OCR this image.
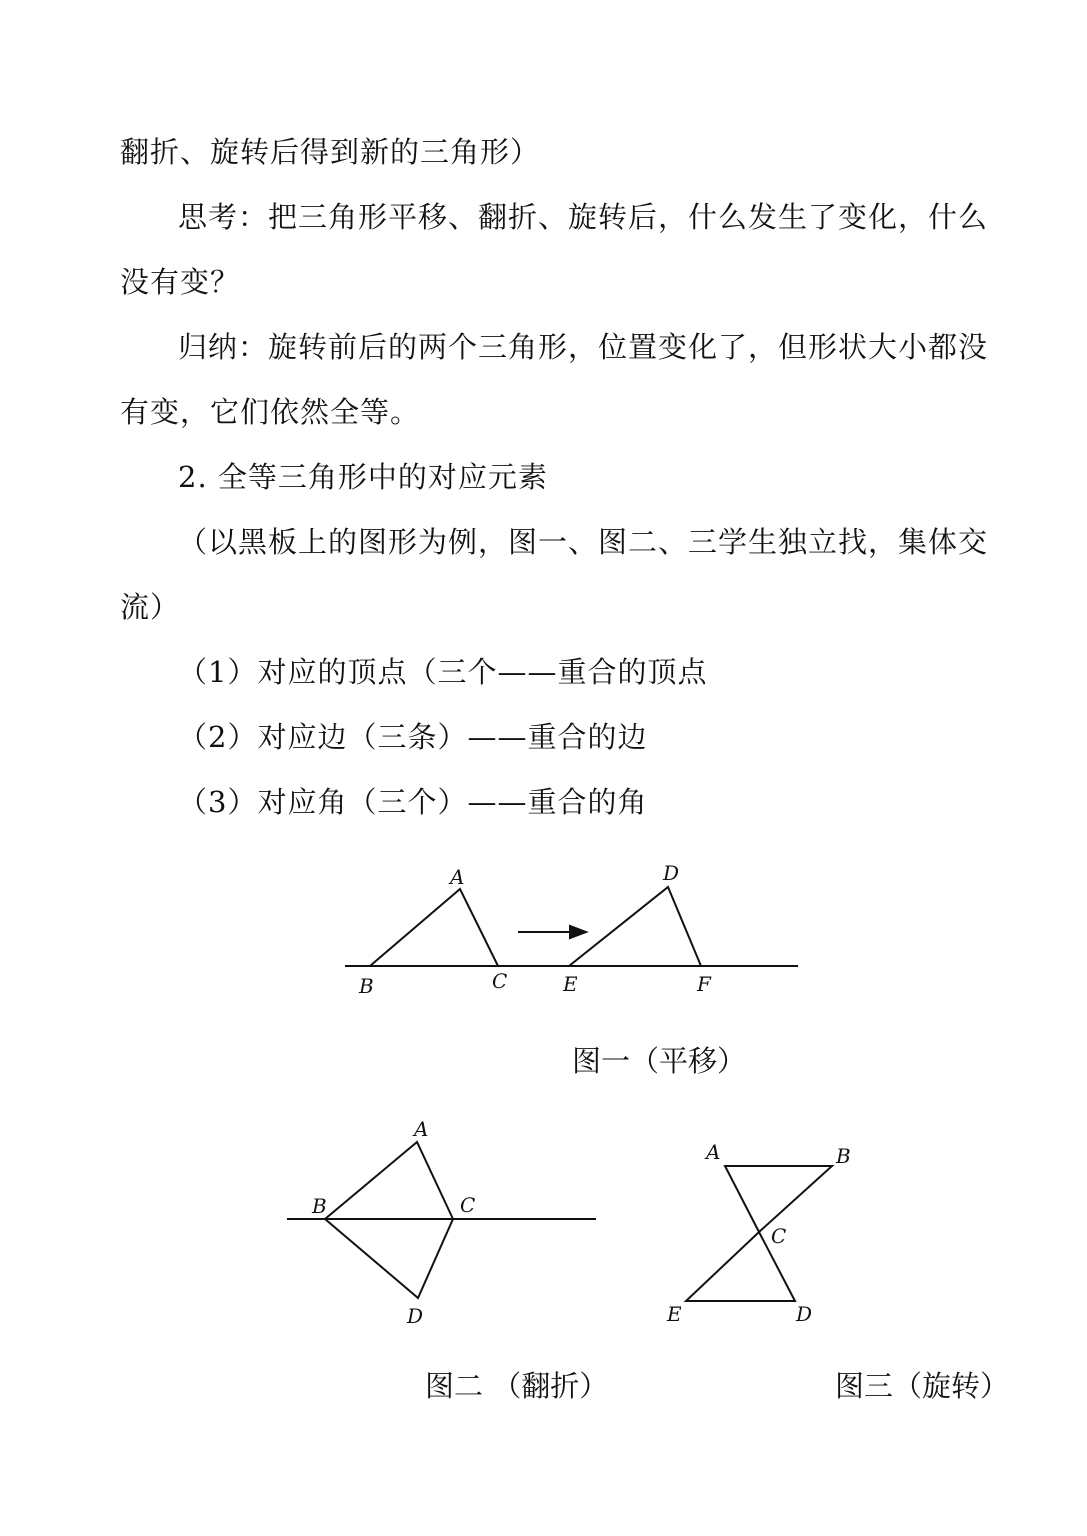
翻折、旋转后得到新的三角形）
思考：把三角形平移、翻折、旋转后，什么发生了变化，什么
没有变？
归纳：旋转前后的两个三角形，位置变化了，但形状大小都没
有变，它们依然全等。
2. 全等三角形中的对应元素
（以黑板上的图形为例，图一、图二、三学生独立找，集体交
流）
（1）对应的顶点（三个——重合的顶点
（2）对应边（三条）——重合的边
（3）对应角（三个）——重合的角
A
B	C
D
E	F
图一（平移）
A
B	C
D
图二 （翻折）
A	B
C
D
E
图三（旋转）
